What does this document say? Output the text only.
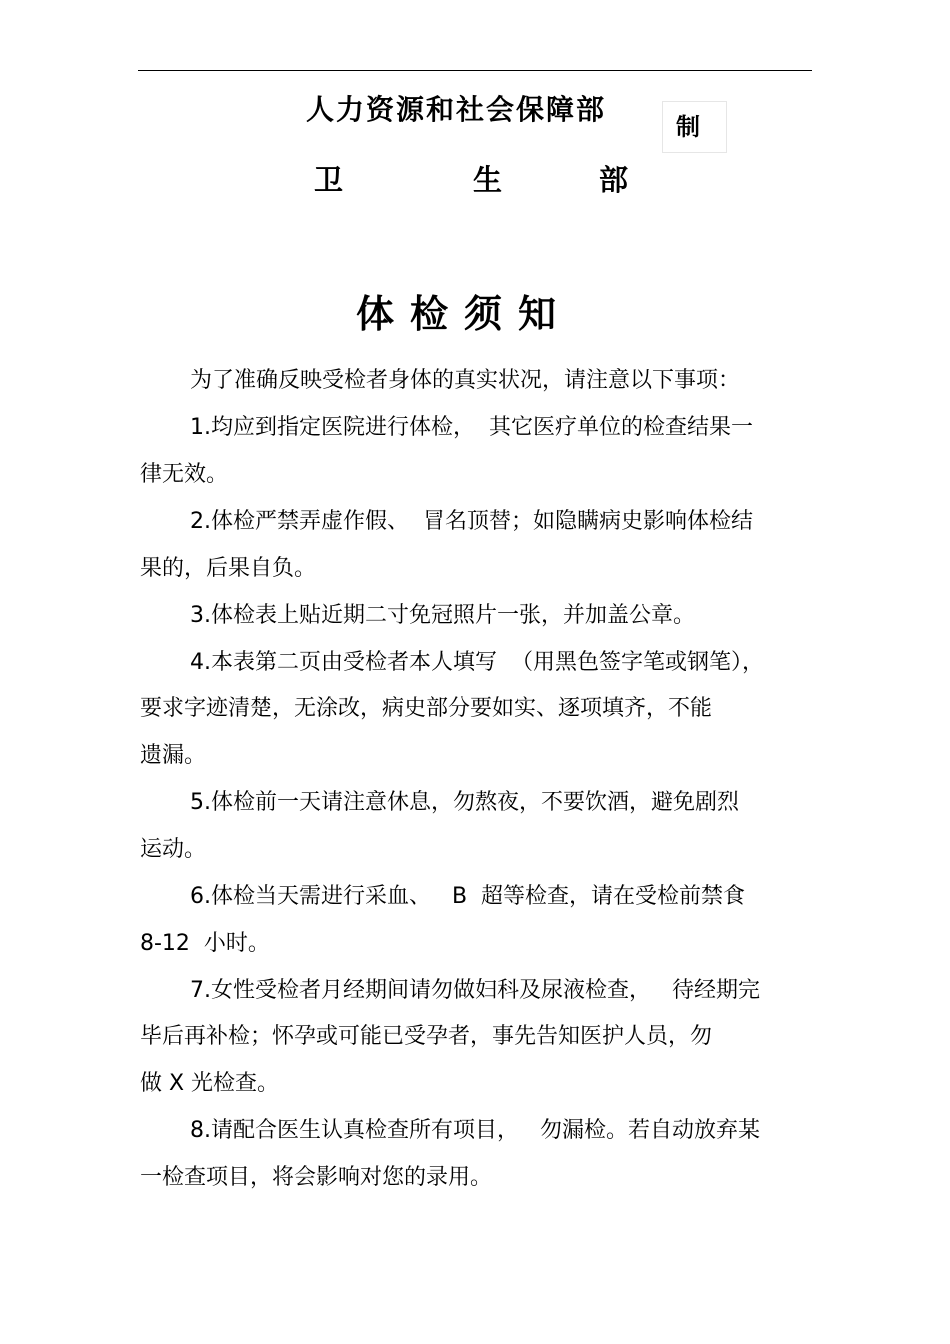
人力资源和社会保障部
卫	生	部
制
体检须知
为了准确反映受检者身体的真实状况，请注意以下事项：
1.均应到指定医院进行体检，  其它医疗单位的检查结果一
律无效。
2.体检严禁弄虚作假、  冒名顶替；如隐瞒病史影响体检结
果的，后果自负。
3.体检表上贴近期二寸免冠照片一张，并加盖公章。
4.本表第二页由受检者本人填写  （用黑色签字笔或钢笔），
要求字迹清楚，无涂改，病史部分要如实、逐项填齐，不能
遗漏。
5.体检前一天请注意休息，勿熬夜，不要饮酒，避免剧烈
运动。
6.体检当天需进行采血、   B  超等检查，请在受检前禁食
8-12  小时。
7.女性受检者月经期间请勿做妇科及尿液检查，   待经期完
毕后再补检；怀孕或可能已受孕者，事先告知医护人员，勿
做 X 光检查。
8.请配合医生认真检查所有项目，   勿漏检。若自动放弃某
一检查项目，将会影响对您的录用。
